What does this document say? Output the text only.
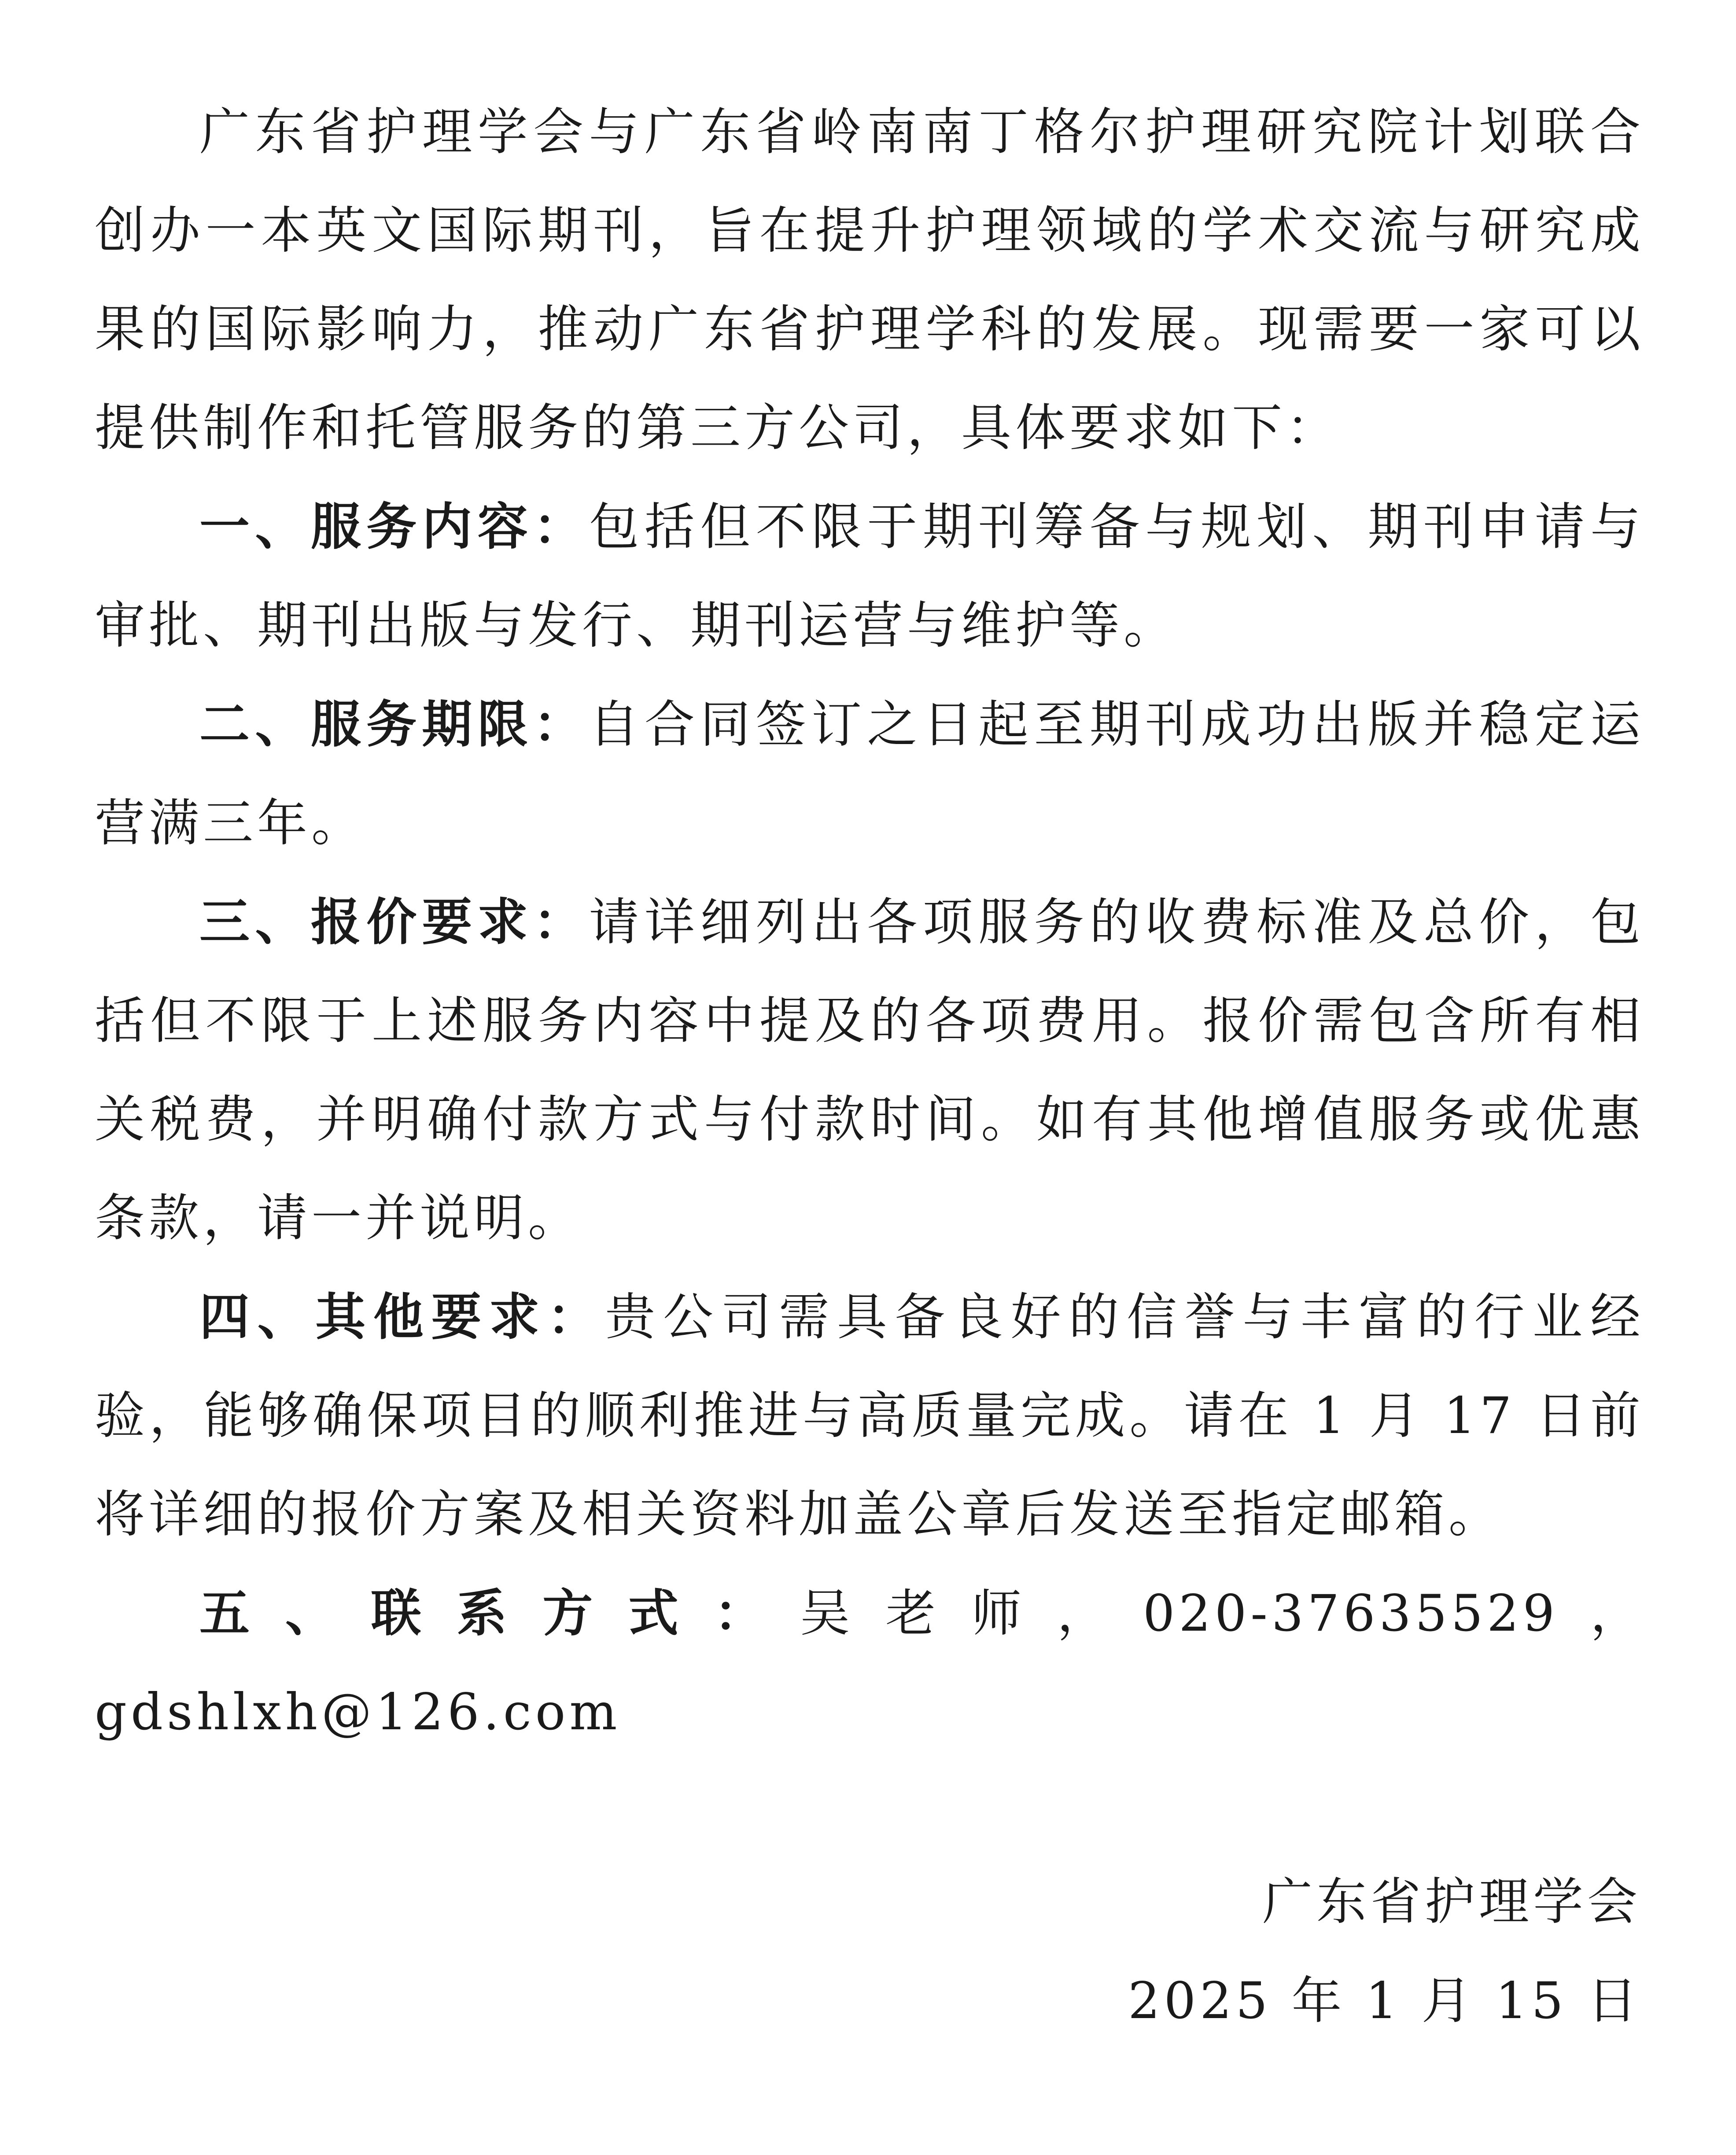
广东省护理学会与广东省岭南南丁格尔护理研究院计划联合创办一本英文国际期刊，旨在提升护理领域的学术交流与研究成果的国际影响力，推动广东省护理学科的发展。现需要一家可以提供制作和托管服务的第三方公司，具体要求如下：

一、服务内容：包括但不限于期刊筹备与规划、期刊申请与审批、期刊出版与发行、期刊运营与维护等。

二、服务期限：自合同签订之日起至期刊成功出版并稳定运营满三年。

三、报价要求：请详细列出各项服务的收费标准及总价，包括但不限于上述服务内容中提及的各项费用。报价需包含所有相关税费，并明确付款方式与付款时间。如有其他增值服务或优惠条款，请一并说明。

四、其他要求：贵公司需具备良好的信誉与丰富的行业经验，能够确保项目的顺利推进与高质量完成。请在 1 月 17 日前将详细的报价方案及相关资料加盖公章后发送至指定邮箱。

五、联系方式：吴老师，020-37635529，gdshlxh@126.com

广东省护理学会
2025 年 1 月 15 日
